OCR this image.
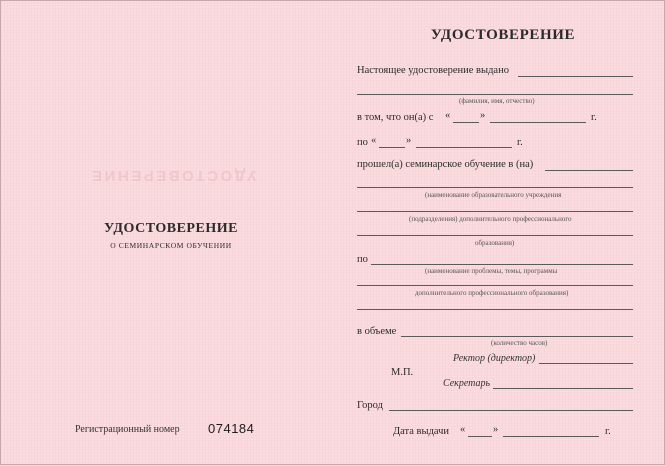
УДОСТОВЕРЕНИЕ
УДОСТОВЕРЕНИЕ
О СЕМИНАРСКОМ ОБУЧЕНИИ
Регистрационный номер 074184
УДОСТОВЕРЕНИЕ
Настоящее удостоверение выдано
(фамилия, имя, отчество)
в том, что он(а) с «	»	г.
по «	»	г.
прошел(а) семинарское обучение в (на)
(наименование образовательного учреждения
(подразделения) дополнительного профессионального
образования)
по
(наименование проблемы, темы, программы
дополнительного профессионального образования)
в объеме
(количество часов)
Ректор (директор)
М.П.
Секретарь
Город
Дата выдачи «	»	г.
